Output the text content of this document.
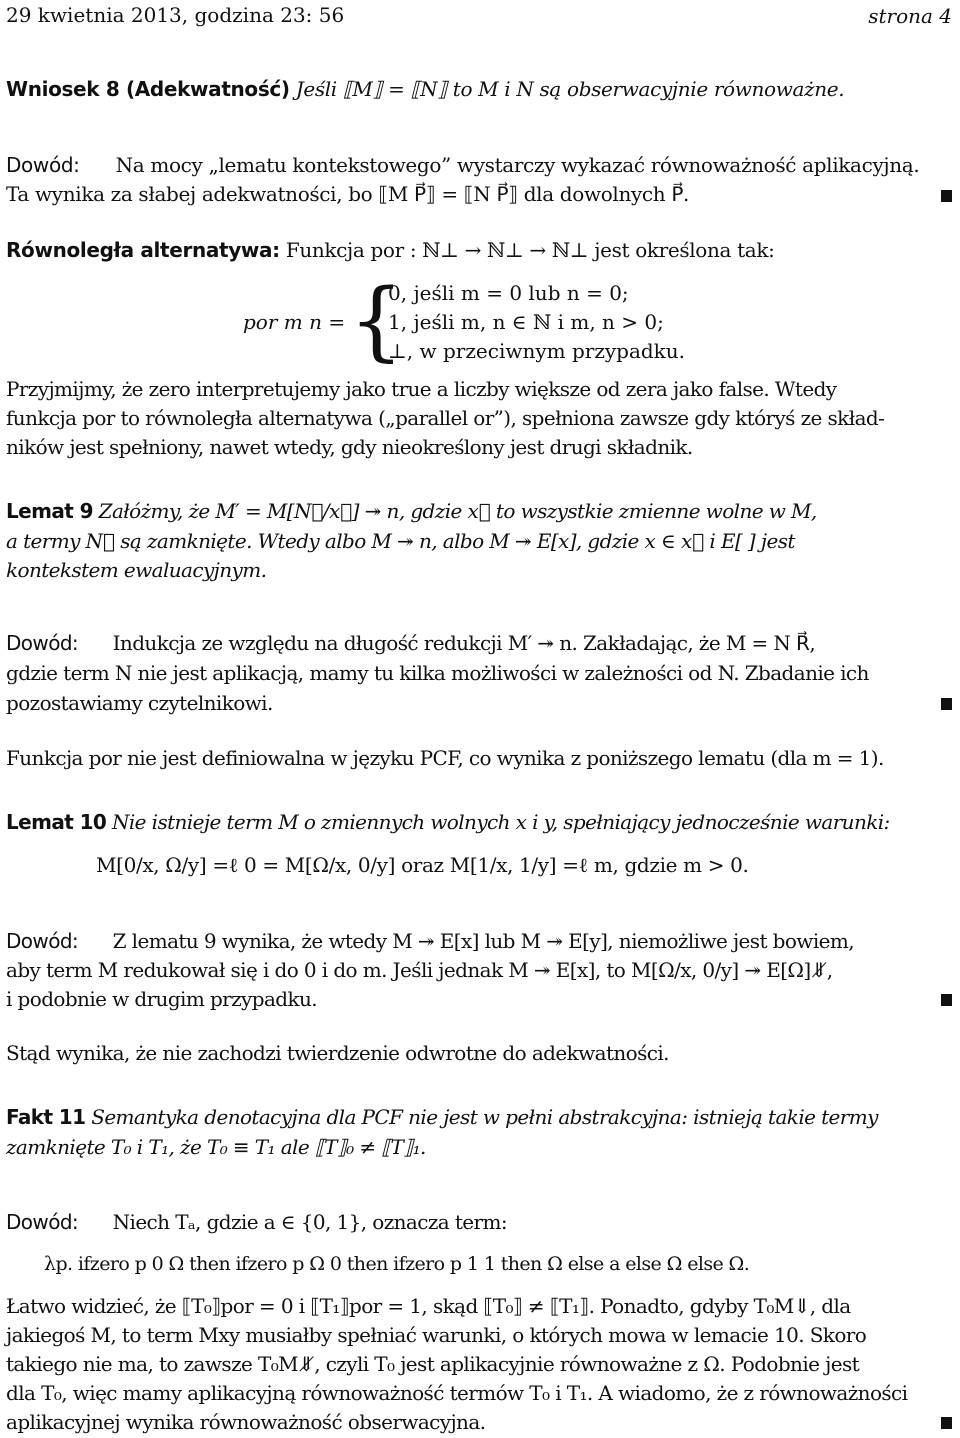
29 kwietnia 2013, godzina 23: 56	strona 4
Wniosek 8 (Adekwatność) Jeśli ⟦M⟧ = ⟦N⟧ to M i N są obserwacyjnie równoważne.
Dowód: Na mocy „lematu kontekstowego” wystarczy wykazać równoważność aplikacyjną.
Ta wynika za słabej adekwatności, bo ⟦M P⃗⟧ = ⟦N P⃗⟧ dla dowolnych P⃗.
Równoległa alternatywa: Funkcja por : ℕ⊥ → ℕ⊥ → ℕ⊥ jest określona tak:
por m n = {
0, jeśli m = 0 lub n = 0;
1, jeśli m, n ∈ ℕ i m, n > 0;
⊥, w przeciwnym przypadku.
Przyjmijmy, że zero interpretujemy jako true a liczby większe od zera jako false. Wtedy
funkcja por to równoległa alternatywa („parallel or”), spełniona zawsze gdy któryś ze skład-
ników jest spełniony, nawet wtedy, gdy nieokreślony jest drugi składnik.
Lemat 9 Załóżmy, że M′ = M[N⃗/x⃗] ↠ n, gdzie x⃗ to wszystkie zmienne wolne w M,
a termy N⃗ są zamknięte. Wtedy albo M ↠ n, albo M ↠ E[x], gdzie x ∈ x⃗ i E[ ] jest
kontekstem ewaluacyjnym.
Dowód: Indukcja ze względu na długość redukcji M′ ↠ n. Zakładając, że M = N R⃗,
gdzie term N nie jest aplikacją, mamy tu kilka możliwości w zależności od N. Zbadanie ich
pozostawiamy czytelnikowi.
Funkcja por nie jest definiowalna w języku PCF, co wynika z poniższego lematu (dla m = 1).
Lemat 10 Nie istnieje term M o zmiennych wolnych x i y, spełniający jednocześnie warunki:
M[0/x, Ω/y] =ℓ 0 = M[Ω/x, 0/y] oraz M[1/x, 1/y] =ℓ m, gdzie m > 0.
Dowód: Z lematu 9 wynika, że wtedy M ↠ E[x] lub M ↠ E[y], niemożliwe jest bowiem,
aby term M redukował się i do 0 i do m. Jeśli jednak M ↠ E[x], to M[Ω/x, 0/y] ↠ E[Ω]⇓̸,
i podobnie w drugim przypadku.
Stąd wynika, że nie zachodzi twierdzenie odwrotne do adekwatności.
Fakt 11 Semantyka denotacyjna dla PCF nie jest w pełni abstrakcyjna: istnieją takie termy
zamknięte T₀ i T₁, że T₀ ≡ T₁ ale ⟦T⟧₀ ≠ ⟦T⟧₁.
Dowód: Niech Tₐ, gdzie a ∈ {0, 1}, oznacza term:
λp. ifzero p 0 Ω then ifzero p Ω 0 then ifzero p 1 1 then Ω else a else Ω else Ω.
Łatwo widzieć, że ⟦T₀⟧por = 0 i ⟦T₁⟧por = 1, skąd ⟦T₀⟧ ≠ ⟦T₁⟧. Ponadto, gdyby T₀M⇓, dla
jakiegoś M, to term Mxy musiałby spełniać warunki, o których mowa w lemacie 10. Skoro
takiego nie ma, to zawsze T₀M⇓̸, czyli T₀ jest aplikacyjnie równoważne z Ω. Podobnie jest
dla T₀, więc mamy aplikacyjną równoważność termów T₀ i T₁. A wiadomo, że z równoważności
aplikacyjnej wynika równoważność obserwacyjna.
